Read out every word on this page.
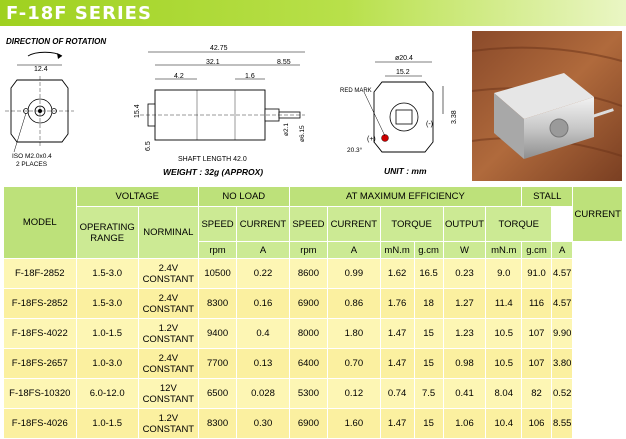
F-18F SERIES
DIRECTION OF ROTATION
12.4
ISO M2.0x0.4
2 PLACES
42.75
32.1	8.55
4.2	1.6
15.4
6.5
ø2.1 ø6.15
SHAFT LENGTH 42.0
WEIGHT : 32g (APPROX)
ø20.4
15.2
RED MARK
(+)
(-)
20.3°
3.38
UNIT : mm
MODEL	VOLTAGE		NO LOAD		AT MAXIMUM EFFICIENCY						STALL		CURRENT
	OPERATING RANGE	NORMINAL	SPEED	CURRENT	SPEED	CURRENT	TORQUE		OUTPUT	TORQUE			
			rpm	A	rpm	A	mN.m	g.cm	W	mN.m	g.cm	A	
F-18F-2852	1.5-3.0	2.4V
CONSTANT	10500	0.22	8600	0.99	1.62	16.5	0.23	9.0	91.0	4.57	
F-18FS-2852	1.5-3.0	2.4V
CONSTANT	8300	0.16	6900	0.86	1.76	18	1.27	11.4	116	4.57	
F-18FS-4022	1.0-1.5	1.2V
CONSTANT	9400	0.4	8000	1.80	1.47	15	1.23	10.5	107	9.90	
F-18FS-2657	1.0-3.0	2.4V
CONSTANT	7700	0.13	6400	0.70	1.47	15	0.98	10.5	107	3.80	
F-18FS-10320	6.0-12.0	12V
CONSTANT	6500	0.028	5300	0.12	0.74	7.5	0.41	8.04	82	0.52	
F-18FS-4026	1.0-1.5	1.2V
CONSTANT	8300	0.30	6900	1.60	1.47	15	1.06	10.4	106	8.55	
